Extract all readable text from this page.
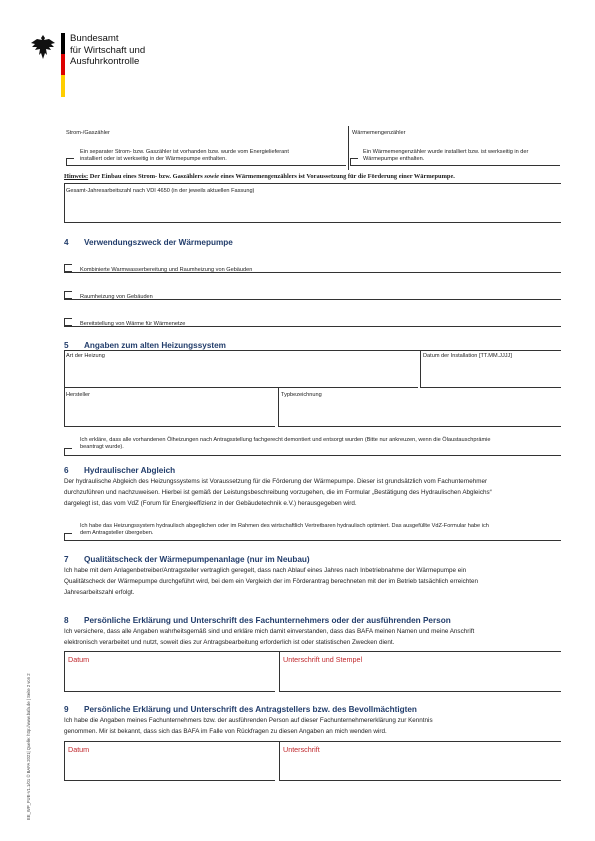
Bundesamt
für Wirtschaft und
Ausfuhrkontrolle
Strom-/Gaszähler	Wärmemengenzähler
Ein separater Strom- bzw. Gaszähler ist vorhanden bzw. wurde vom Energielieferant
installiert oder ist werkseitig in der Wärmepumpe enthalten.
Ein Wärmemengenzähler wurde installiert bzw. ist werkseitig in der
Wärmepumpe enthalten.
Hinweis: Der Einbau eines Strom- bzw. Gaszählers sowie eines Wärmemengenzählers ist Voraussetzung für die Förderung einer Wärmepumpe.
Gesamt-Jahresarbeitszahl nach VDI 4650 (in der jeweils aktuellen Fassung)
4 Verwendungszweck der Wärmepumpe
Kombinierte Warmwasserbereitung und Raumheizung von Gebäuden
Raumheizung von Gebäuden
Bereitstellung von Wärme für Wärmenetze
5 Angaben zum alten Heizungssystem
Art der Heizung	Datum der Installation [TT.MM.JJJJ]
Hersteller	Typbezeichnung
Ich erkläre, dass alle vorhandenen Ölheizungen nach Antragsstellung fachgerecht demontiert und entsorgt wurden (Bitte nur ankreuzen, wenn die Ölaustauschprämie
beantragt wurde).
6 Hydraulischer Abgleich
Der hydraulische Abgleich des Heizungssystems ist Voraussetzung für die Förderung der Wärmepumpe. Dieser ist grundsätzlich vom Fachunternehmer
durchzuführen und nachzuweisen. Hierbei ist gemäß der Leistungsbeschreibung vorzugehen, die im Formular „Bestätigung des Hydraulischen Abgleichs“
dargelegt ist, das vom VdZ (Forum für Energieeffizienz in der Gebäudetechnik e.V.) herausgegeben wird.
Ich habe das Heizungssystem hydraulisch abgeglichen oder im Rahmen des wirtschaftlich Vertretbaren hydraulisch optimiert. Das ausgefüllte VdZ-Formular habe ich
dem Antragsteller übergeben.
7 Qualitätscheck der Wärmepumpenanlage (nur im Neubau)
Ich habe mit dem Anlagenbetreiber/Antragsteller vertraglich geregelt, dass nach Ablauf eines Jahres nach Inbetriebnahme der Wärmepumpe ein
Qualitätscheck der Wärmepumpe durchgeführt wird, bei dem ein Vergleich der im Förderantrag berechneten mit der im Betrieb tatsächlich erreichten
Jahresarbeitszahl erfolgt.
8 Persönliche Erklärung und Unterschrift des Fachunternehmers oder der ausführenden Person
Ich versichere, dass alle Angaben wahrheitsgemäß sind und erkläre mich damit einverstanden, dass das BAFA meinen Namen und meine Anschrift
elektronisch verarbeitet und nutzt, soweit dies zur Antragsbearbeitung erforderlich ist oder statistischen Zwecken dient.
Datum	Unterschrift und Stempel
9 Persönliche Erklärung und Unterschrift des Antragstellers bzw. des Bevollmächtigten
Ich habe die Angaben meines Fachunternehmers bzw. der ausführenden Person auf dieser Fachunternehmererklärung zur Kenntnis
genommen. Mir ist bekannt, dass sich das BAFA im Falle von Rückfragen zu diesen Angaben an mich wenden wird.
Datum	Unterschrift
EE_WP_FUE-V1.1/01 © BAFA 2021| Quelle: http://www.bafa.de | Seite 2 von 2
